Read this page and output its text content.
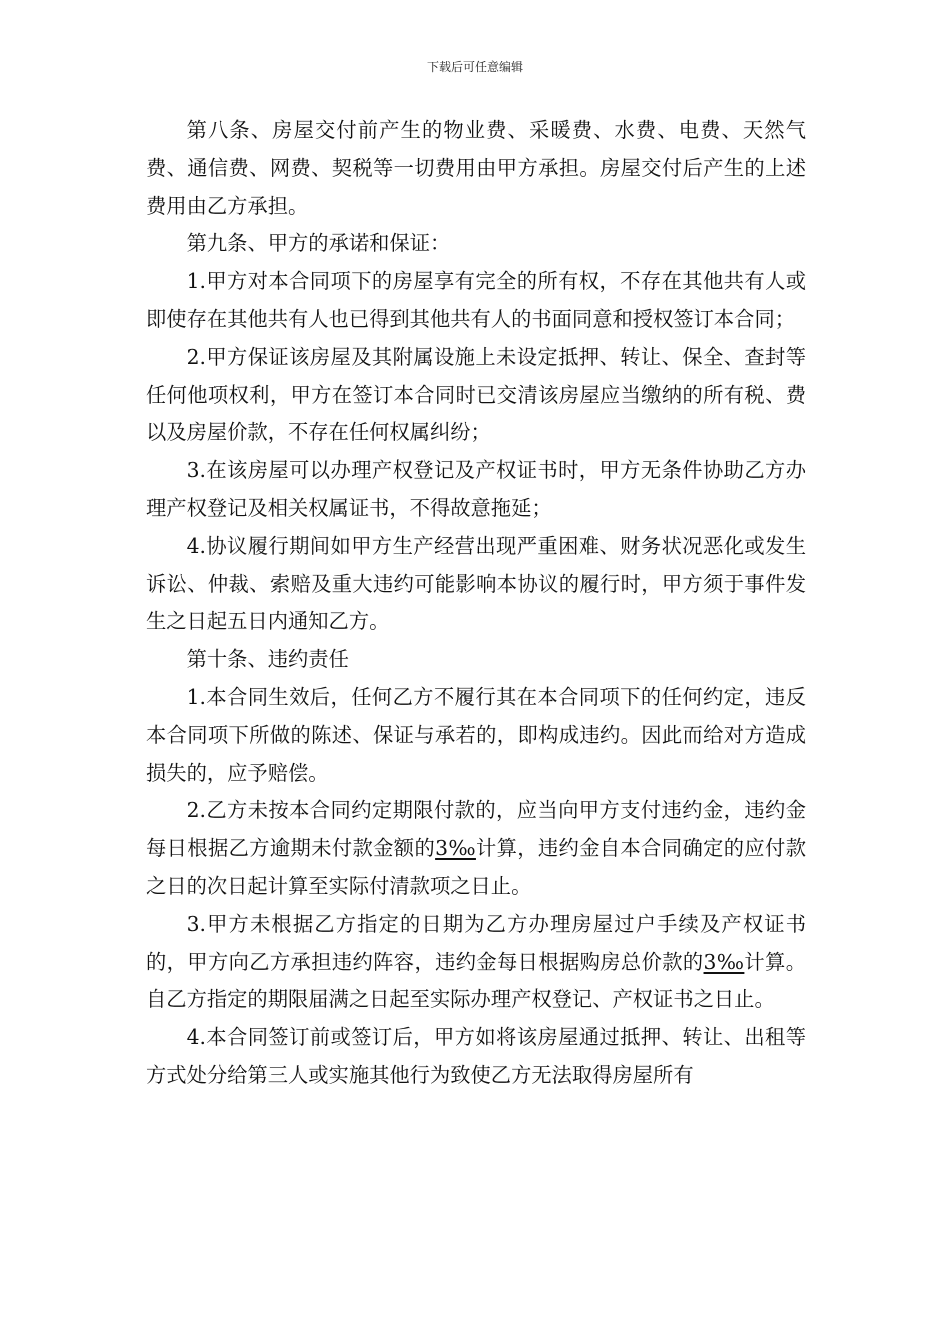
下载后可任意编辑

第八条、房屋交付前产生的物业费、采暖费、水费、电费、天然气费、通信费、网费、契税等一切费用由甲方承担。房屋交付后产生的上述费用由乙方承担。

第九条、甲方的承诺和保证：

1.甲方对本合同项下的房屋享有完全的所有权，不存在其他共有人或即使存在其他共有人也已得到其他共有人的书面同意和授权签订本合同；

2.甲方保证该房屋及其附属设施上未设定抵押、转让、保全、查封等任何他项权利，甲方在签订本合同时已交清该房屋应当缴纳的所有税、费以及房屋价款，不存在任何权属纠纷；

3.在该房屋可以办理产权登记及产权证书时，甲方无条件协助乙方办理产权登记及相关权属证书，不得故意拖延；

4.协议履行期间如甲方生产经营出现严重困难、财务状况恶化或发生诉讼、仲裁、索赔及重大违约可能影响本协议的履行时，甲方须于事件发生之日起五日内通知乙方。

第十条、违约责任

1.本合同生效后，任何乙方不履行其在本合同项下的任何约定，违反本合同项下所做的陈述、保证与承若的，即构成违约。因此而给对方造成损失的，应予赔偿。

2.乙方未按本合同约定期限付款的，应当向甲方支付违约金，违约金每日根据乙方逾期未付款金额的3‰计算，违约金自本合同确定的应付款之日的次日起计算至实际付清款项之日止。

3.甲方未根据乙方指定的日期为乙方办理房屋过户手续及产权证书的，甲方向乙方承担违约阵容，违约金每日根据购房总价款的3‰计算。自乙方指定的期限届满之日起至实际办理产权登记、产权证书之日止。

4.本合同签订前或签订后，甲方如将该房屋通过抵押、转让、出租等方式处分给第三人或实施其他行为致使乙方无法取得房屋所有
